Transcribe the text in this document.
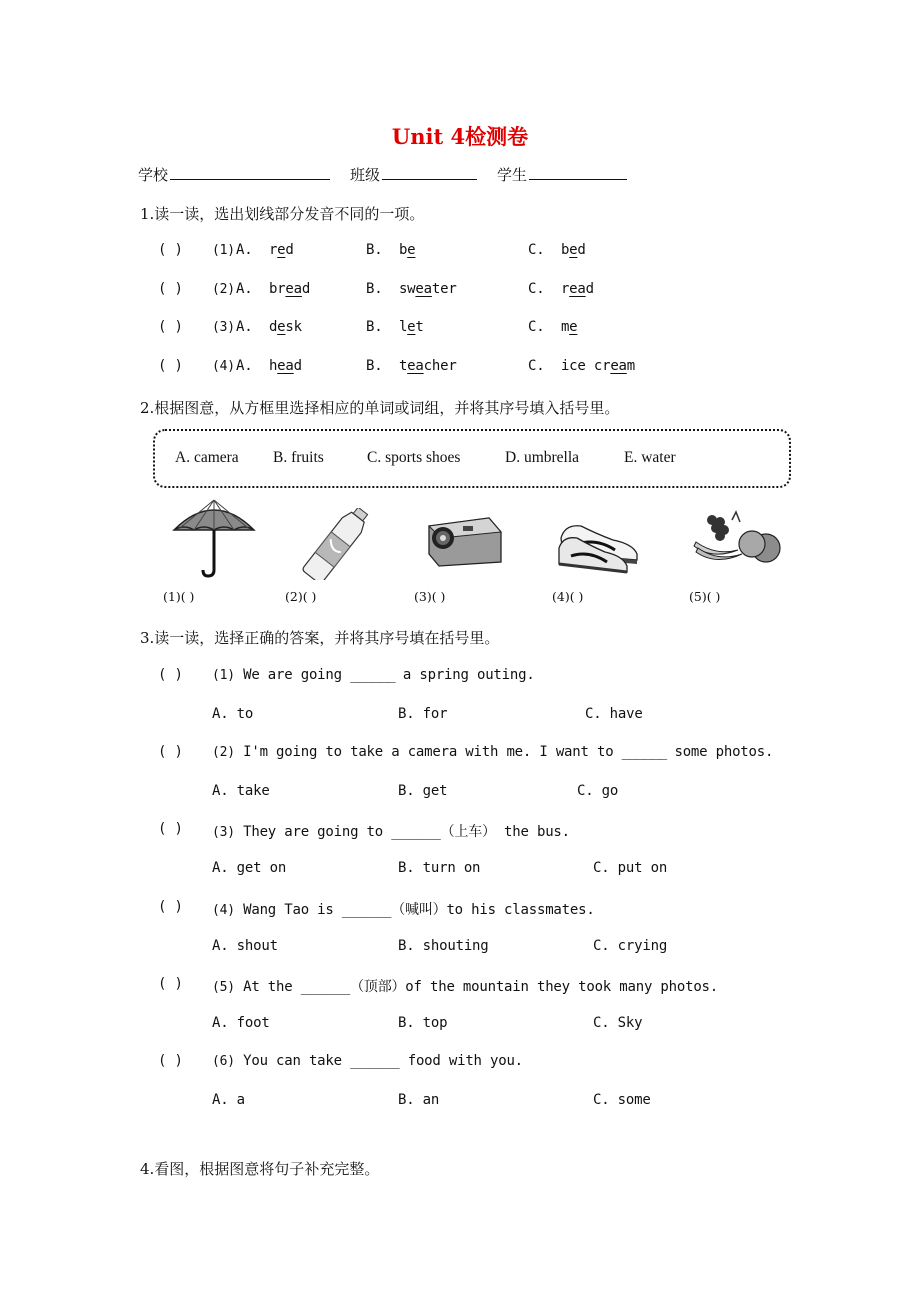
Unit 4检测卷
学校	班级	学生
1.读一读，选出划线部分发音不同的一项。
( ) (1) A. red	B. be	C. bed
( ) (2) A. bread	B. sweater	C. read
( ) (3) A. desk	B. let	C. me
( ) (4) A. head	B. teacher	C. ice cream
2.根据图意，从方框里选择相应的单词或词组，并将其序号填入括号里。
A. camera B. fruits	C. sports shoes	D. umbrella	E. water
(1)( )	(2)( )	(3)( )	(4)( )	(5)( )
3.读一读，选择正确的答案，并将其序号填在括号里。
( ) (1) We are going ______ a spring outing.
A. to	B. for	C. have
( ) (2) I'm going to take a camera with me. I want to ______ some photos.
A. take	B. get	C. go
( ) (3) They are going to ______（上车） the bus.
A. get on	B. turn on	C. put on
( ) (4) Wang Tao is ______（喊叫）to his classmates.
A. shout	B. shouting	C. crying
( ) (5) At the ______（顶部）of the mountain they took many photos.
A. foot	B. top	C. Sky
( ) (6) You can take ______ food with you.
A. a	B. an	C. some
4.看图，根据图意将句子补充完整。
